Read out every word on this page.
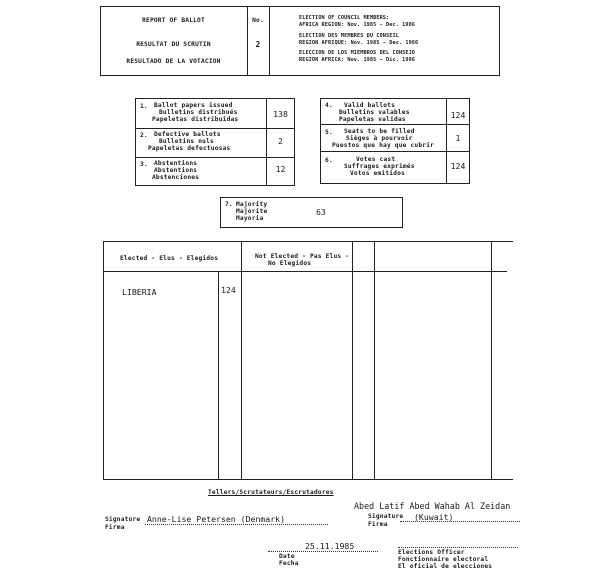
REPORT OF BALLOT
RESULTAT DU SCRUTIN
RESULTADO DE LA VOTACION
No.
2
ELECTION OF COUNCIL MEMBERS:
AFRICA REGION: Nov. 1985 - Dec. 1986
ELECTION DES MEMBRES DU CONSEIL
REGION AFRIQUE: Nov. 1985 - Dec. 1986
ELECCION DE LOS MIEMBROS DEL CONSEJO
REGION AFRICA: Nov. 1985 - Dic. 1986
1. Ballot papers issued
Bulletins distribués
Papeletas distribuidas
138
2. Defective ballots
Bulletins nuls
Papeletas defectuosas
2
3. Abstentions
Abstentions
Abstenciones
12
4. Valid ballots
Bulletins valables
Papeletas validas	124
5. Seats to be filled
Sièges à pourvoir
Puestos que hay que cubrir
1
6.	Votes cast
Suffrages exprimés
Votos emitidos
124
7. Majority
Majorite
Mayoria
63
Elected - Elus - Elegidos	Not Elected - Pas Elus -
No Elegidos
LIBERIA	124
Tellers/Scrutateurs/Escrutadores
Abed Latif Abed Wahab Al Zeidan
Signature
Firma
Anne-Lise Petersen (Denmark)	Signature
Firma
(Kuwait)
25.11.1985
Date
Fecha
Elections Officer
Fonctionnaire electoral
El oficial de elecciones
